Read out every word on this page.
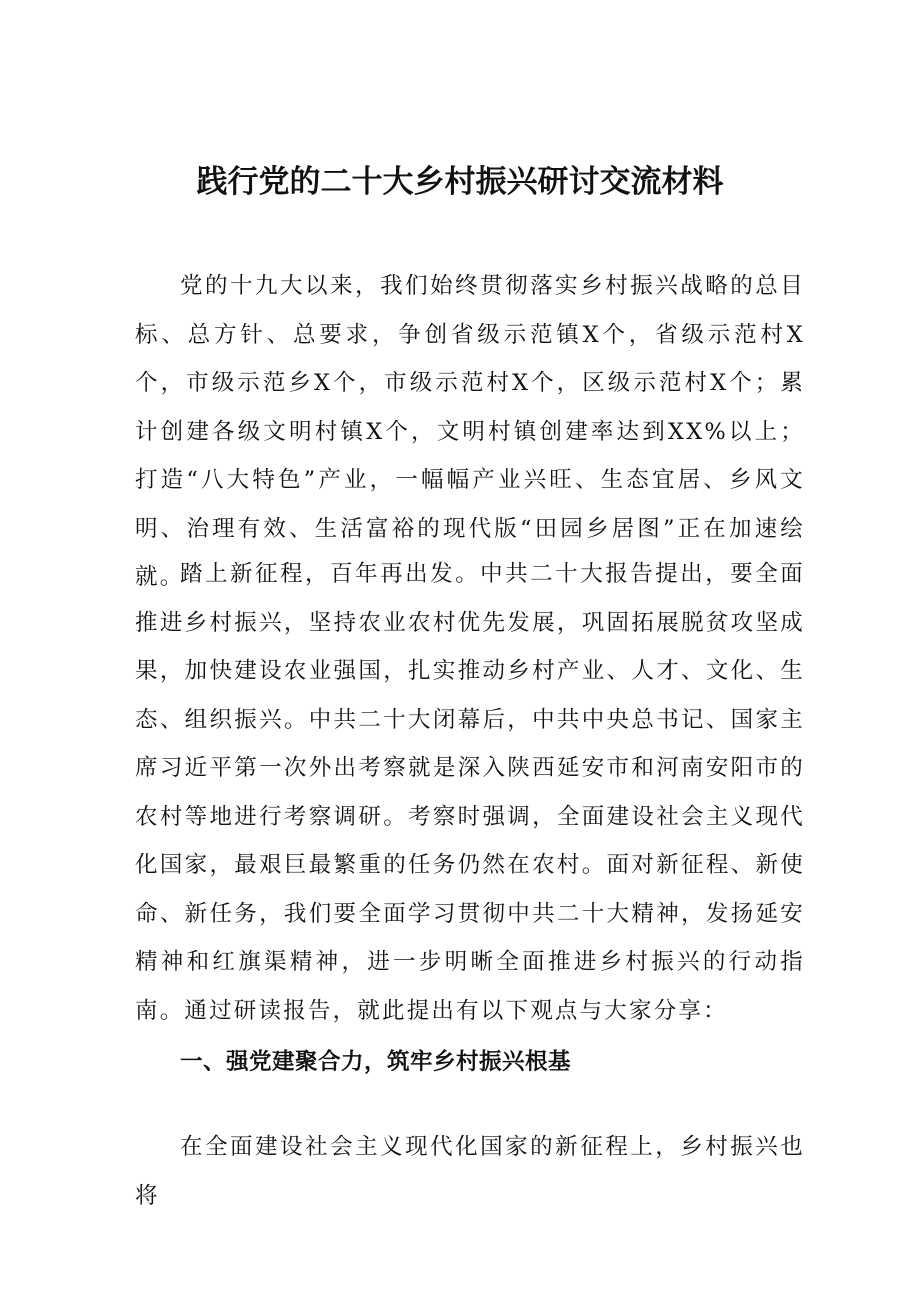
践行党的二十大乡村振兴研讨交流材料

党的十九大以来，我们始终贯彻落实乡村振兴战略的总目标、总方针、总要求，争创省级示范镇X个，省级示范村X个，市级示范乡X个，市级示范村X个，区级示范村X个；累计创建各级文明村镇X个，文明村镇创建率达到XX%以上；打造“八大特色”产业，一幅幅产业兴旺、生态宜居、乡风文明、治理有效、生活富裕的现代版“田园乡居图”正在加速绘就。

踏上新征程，百年再出发。中共二十大报告提出，要全面推进乡村振兴，坚持农业农村优先发展，巩固拓展脱贫攻坚成果，加快建设农业强国，扎实推动乡村产业、人才、文化、生态、组织振兴。中共二十大闭幕后，中共中央总书记、国家主席习近平第一次外出考察就是深入陕西延安市和河南安阳市的农村等地进行考察调研。考察时强调，全面建设社会主义现代化国家，最艰巨最繁重的任务仍然在农村。面对新征程、新使命、新任务，我们要全面学习贯彻中共二十大精神，发扬延安精神和红旗渠精神，进一步明晰全面推进乡村振兴的行动指南。通过研读报告，就此提出有以下观点与大家分享：

一、强党建聚合力，筑牢乡村振兴根基

在全面建设社会主义现代化国家的新征程上，乡村振兴也将
